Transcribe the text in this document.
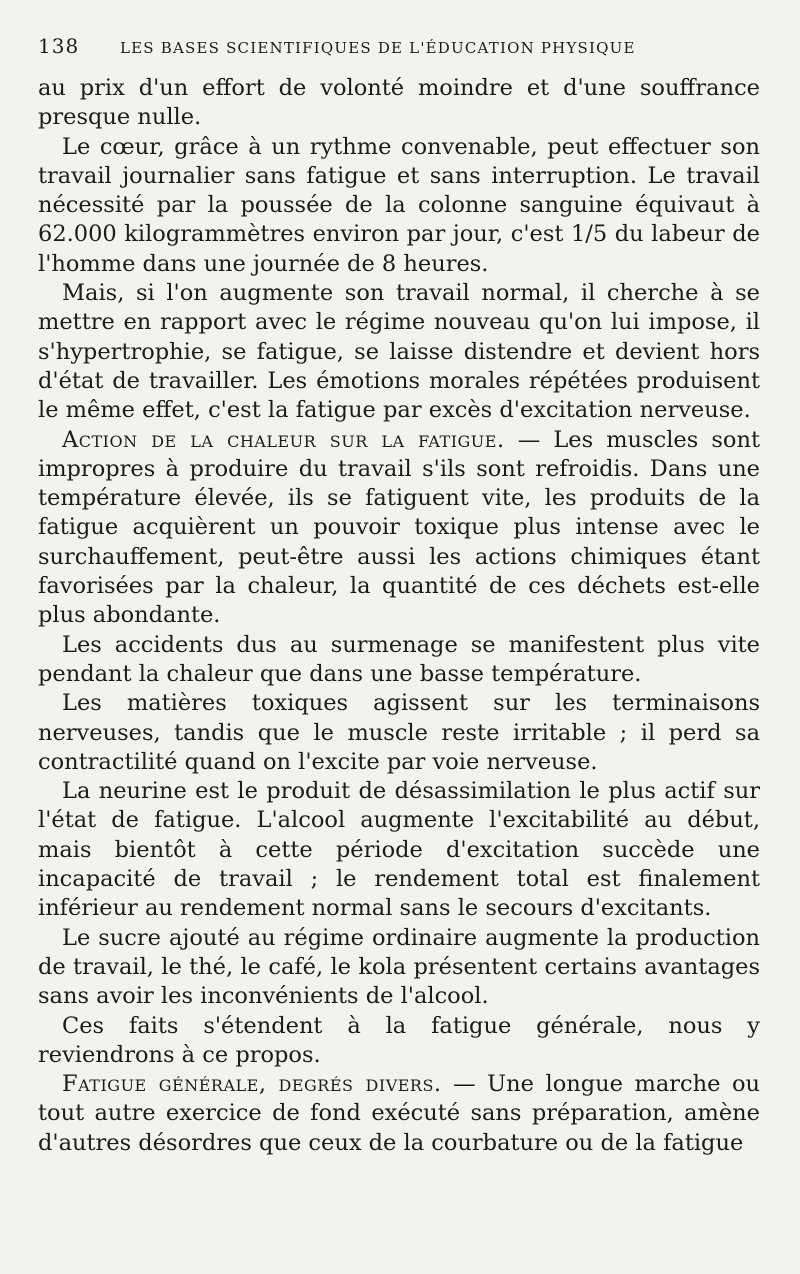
138	LES BASES SCIENTIFIQUES DE L'ÉDUCATION PHYSIQUE

au prix d'un effort de volonté moindre et d'une souffrance presque nulle.

Le cœur, grâce à un rythme convenable, peut effectuer son travail journalier sans fatigue et sans interruption. Le travail nécessité par la poussée de la colonne sanguine équivaut à 62.000 kilogrammètres environ par jour, c'est 1/5 du labeur de l'homme dans une journée de 8 heures.

Mais, si l'on augmente son travail normal, il cherche à se mettre en rapport avec le régime nouveau qu'on lui impose, il s'hypertrophie, se fatigue, se laisse distendre et devient hors d'état de travailler. Les émotions morales répétées produisent le même effet, c'est la fatigue par excès d'excitation nerveuse.

Action de la chaleur sur la fatigue. — Les muscles sont impropres à produire du travail s'ils sont refroidis. Dans une température élevée, ils se fatiguent vite, les produits de la fatigue acquièrent un pouvoir toxique plus intense avec le surchauffement, peut-être aussi les actions chimiques étant favorisées par la chaleur, la quantité de ces déchets est-elle plus abondante.

Les accidents dus au surmenage se manifestent plus vite pendant la chaleur que dans une basse température.

Les matières toxiques agissent sur les terminaisons nerveuses, tandis que le muscle reste irritable ; il perd sa contractilité quand on l'excite par voie nerveuse.

La neurine est le produit de désassimilation le plus actif sur l'état de fatigue. L'alcool augmente l'excitabilité au début, mais bientôt à cette période d'excitation succède une incapacité de travail ; le rendement total est finalement inférieur au rendement normal sans le secours d'excitants.

Le sucre ajouté au régime ordinaire augmente la production de travail, le thé, le café, le kola présentent certains avantages sans avoir les inconvénients de l'alcool.

Ces faits s'étendent à la fatigue générale, nous y reviendrons à ce propos.

Fatigue générale, degrés divers. — Une longue marche ou tout autre exercice de fond exécuté sans préparation, amène d'autres désordres que ceux de la courbature ou de la fatigue
